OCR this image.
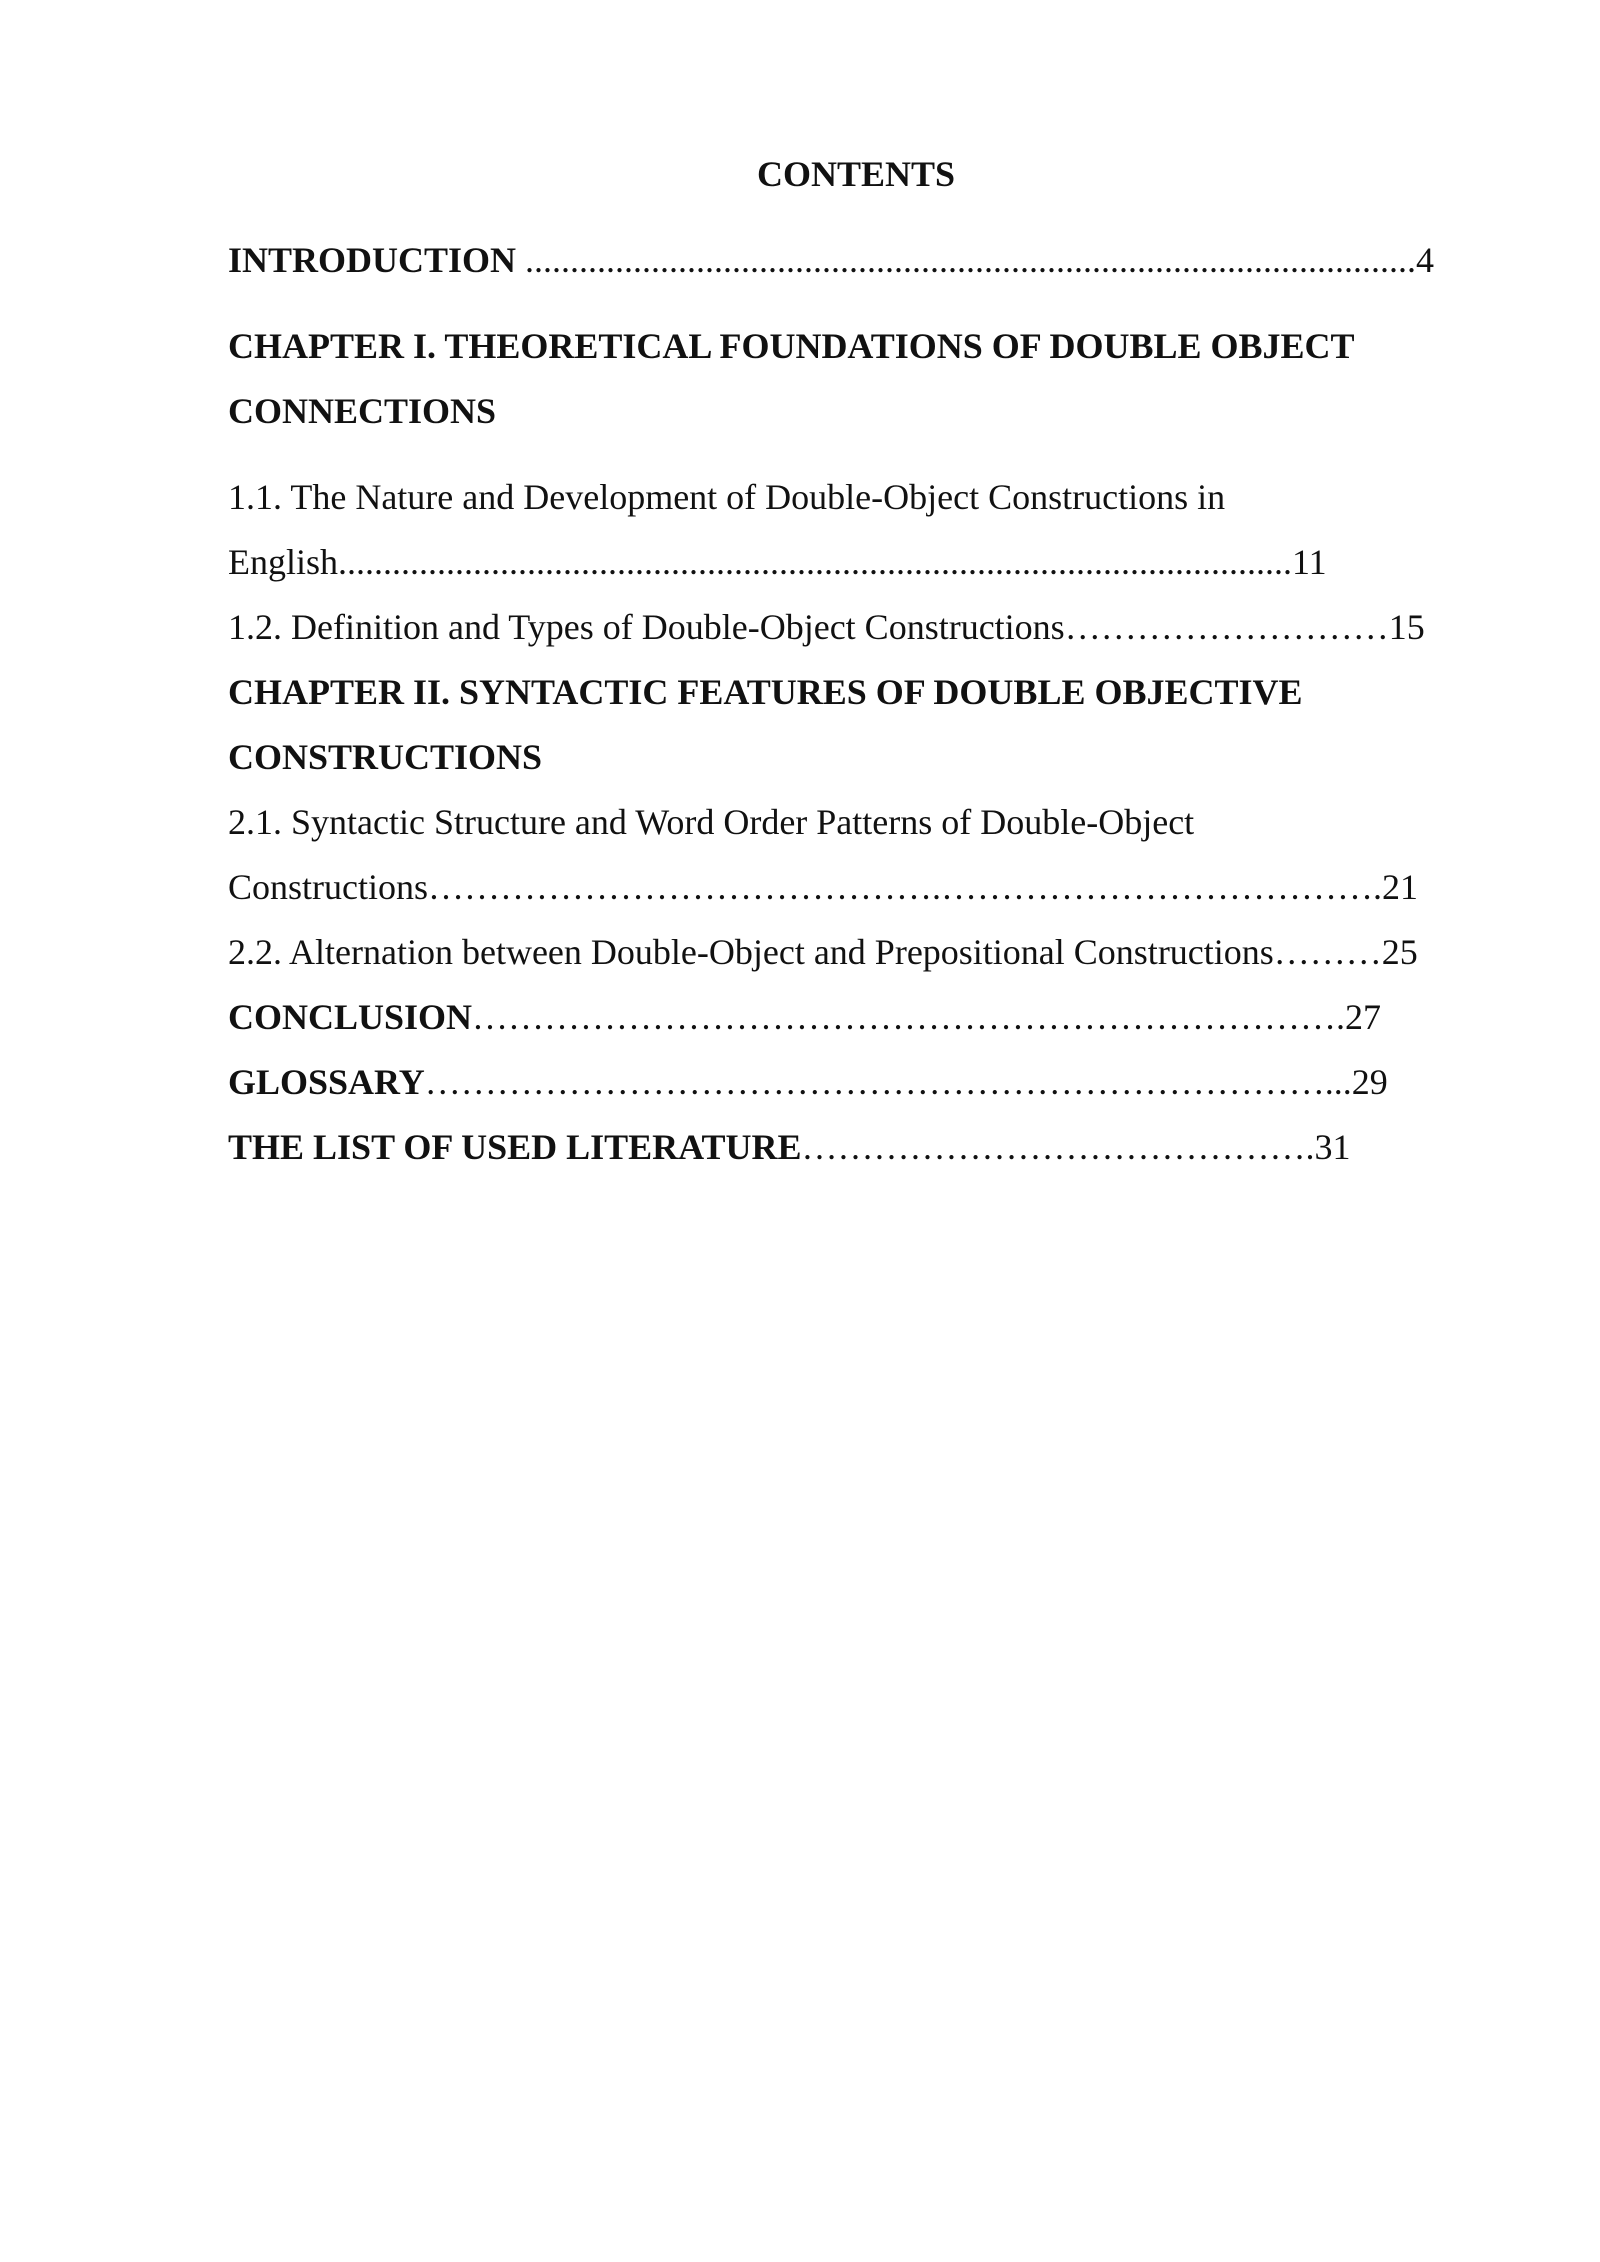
CONTENTS
INTRODUCTION ...................................................................................................4
CHAPTER I. THEORETICAL FOUNDATIONS OF DOUBLE OBJECT
CONNECTIONS
1.1. The Nature and Development of Double-Object Constructions in
English..........................................................................................................11
1.2. Definition and Types of Double-Object Constructions………………………15
CHAPTER II. SYNTACTIC FEATURES OF DOUBLE OBJECTIVE
CONSTRUCTIONS
2.1. Syntactic Structure and Word Order Patterns of Double-Object
Constructions…………………………………….……………………………….21
2.2. Alternation between Double-Object and Prepositional Constructions………25
CONCLUSION……………………………………………………………….27
GLOSSARY…………………………………………………………………...29
THE LIST OF USED LITERATURE…………………………………….31
